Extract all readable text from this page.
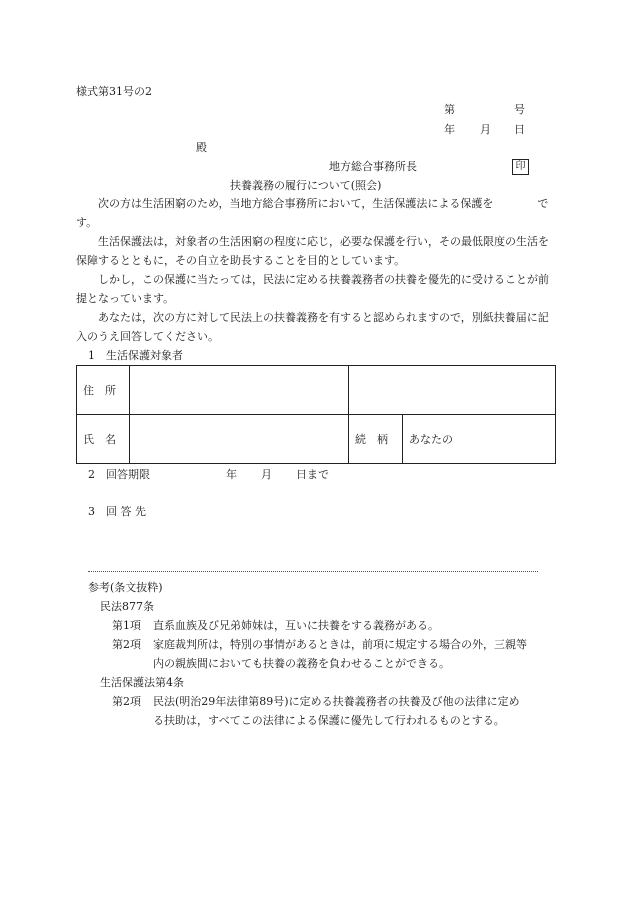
様式第31号の2
第	号
年 月 日
殿
地方総合事務所長	印
扶養義務の履行について(照会)
次の方は生活困窮のため，当地方総合事務所において，生活保護法による保護を　　　　です。
生活保護法は，対象者の生活困窮の程度に応じ，必要な保護を行い，その最低限度の生活を保障するとともに，その自立を助長することを目的としています。
しかし，この保護に当たっては，民法に定める扶養義務者の扶養を優先的に受けることが前提となっています。
あなたは，次の方に対して民法上の扶養義務を有すると認められますので，別紙扶養届に記入のうえ回答してください。
1 生活保護対象者
住　所			
氏　名		続　柄	あなたの
2 回答期限	年 月 日まで
3 回 答 先
参考(条文抜粋)
民法877条
第1項 直系血族及び兄弟姉妹は，互いに扶養をする義務がある。
第2項 家庭裁判所は，特別の事情があるときは，前項に規定する場合の外，三親等
内の親族間においても扶養の義務を負わせることができる。
生活保護法第4条
第2項 民法(明治29年法律第89号)に定める扶養義務者の扶養及び他の法律に定め
る扶助は，すべてこの法律による保護に優先して行われるものとする。
